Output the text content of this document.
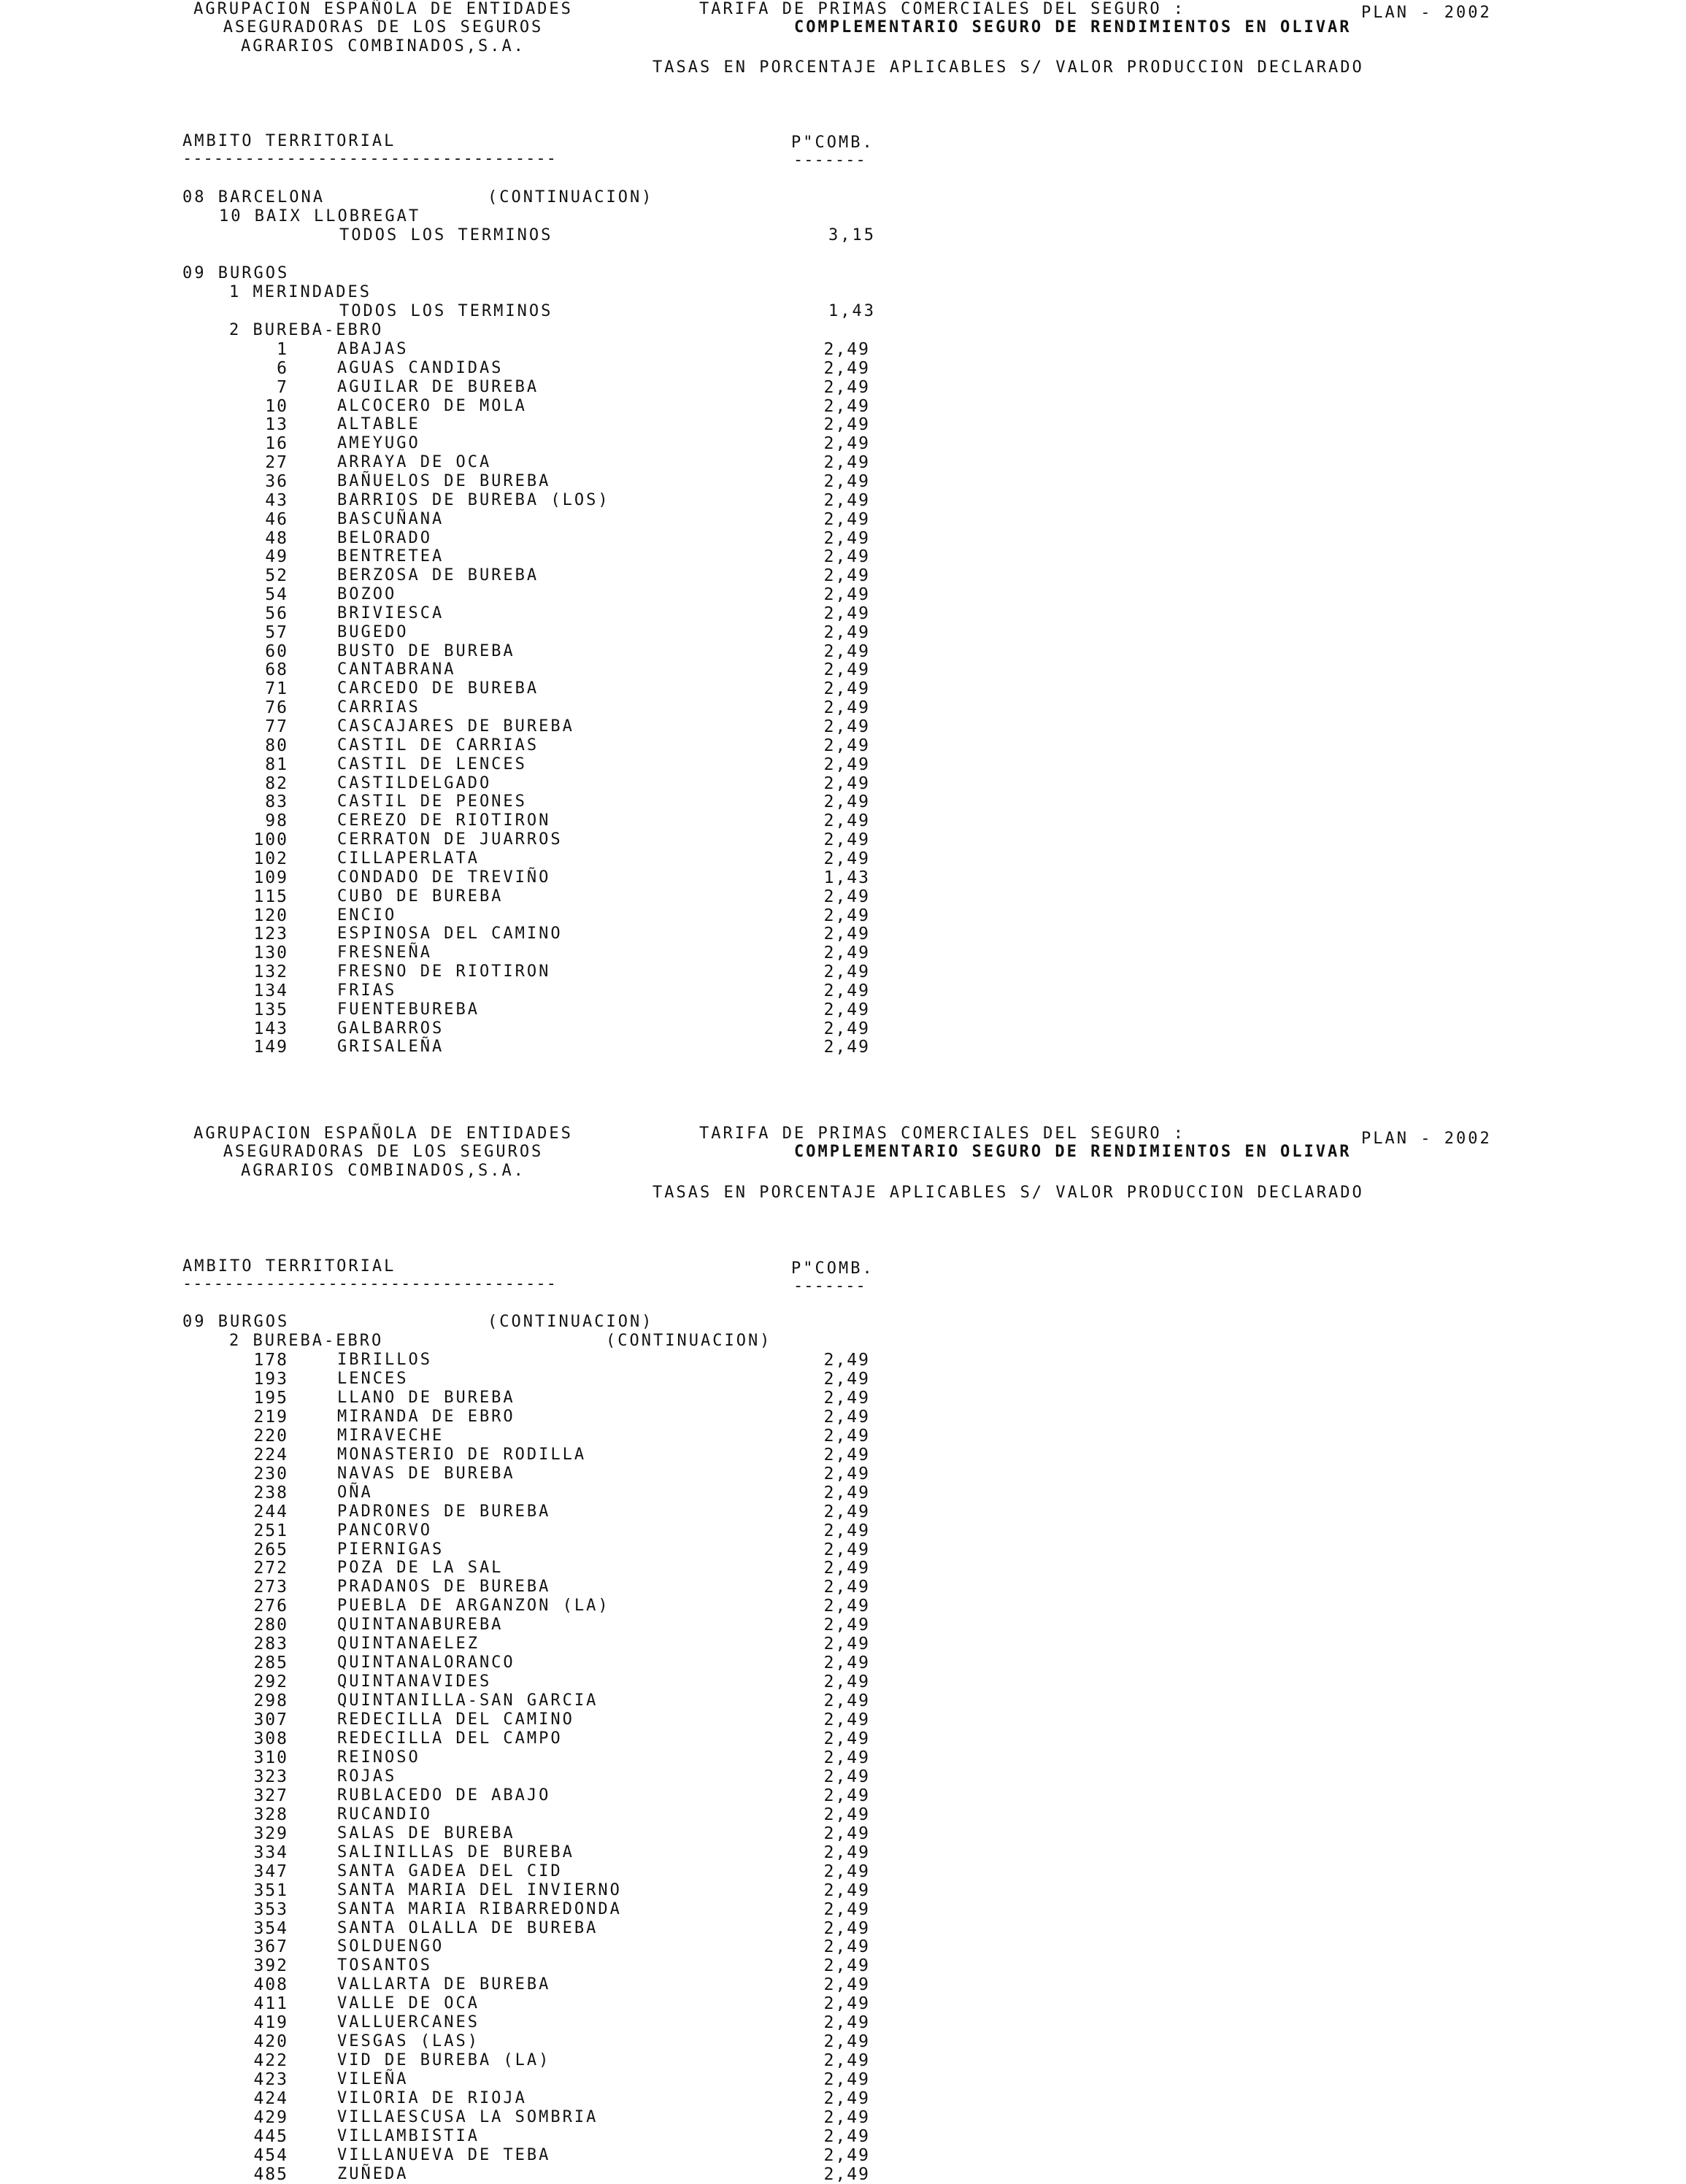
AGRUPACION ESPAÑOLA DE ENTIDADES
ASEGURADORAS DE LOS SEGUROS
AGRARIOS COMBINADOS,S.A.
TARIFA DE PRIMAS COMERCIALES DEL SEGURO :
COMPLEMENTARIO SEGURO DE RENDIMIENTOS EN OLIVAR
PLAN - 2002
TASAS EN PORCENTAJE APLICABLES S/ VALOR PRODUCCION DECLARADO
AMBITO TERRITORIAL
------------------------------------
P"COMB.
-------
08 BARCELONA	(CONTINUACION)
10 BAIX LLOBREGAT
TODOS LOS TERMINOS	3,15
09 BURGOS
1 MERINDADES
TODOS LOS TERMINOS	1,43
2 BUREBA-EBRO
1	ABAJAS	2,49
6	AGUAS CANDIDAS	2,49
7	AGUILAR DE BUREBA	2,49
10	ALCOCERO DE MOLA	2,49
13	ALTABLE	2,49
16	AMEYUGO	2,49
27	ARRAYA DE OCA	2,49
36	BAÑUELOS DE BUREBA	2,49
43	BARRIOS DE BUREBA (LOS)	2,49
46	BASCUÑANA	2,49
48	BELORADO	2,49
49	BENTRETEA	2,49
52	BERZOSA DE BUREBA	2,49
54	BOZOO	2,49
56	BRIVIESCA	2,49
57	BUGEDO	2,49
60	BUSTO DE BUREBA	2,49
68	CANTABRANA	2,49
71	CARCEDO DE BUREBA	2,49
76	CARRIAS	2,49
77	CASCAJARES DE BUREBA	2,49
80	CASTIL DE CARRIAS	2,49
81	CASTIL DE LENCES	2,49
82	CASTILDELGADO	2,49
83	CASTIL DE PEONES	2,49
98	CEREZO DE RIOTIRON	2,49
100	CERRATON DE JUARROS	2,49
102	CILLAPERLATA	2,49
109	CONDADO DE TREVIÑO	1,43
115	CUBO DE BUREBA	2,49
120	ENCIO	2,49
123	ESPINOSA DEL CAMINO	2,49
130	FRESNEÑA	2,49
132	FRESNO DE RIOTIRON	2,49
134	FRIAS	2,49
135	FUENTEBUREBA	2,49
143	GALBARROS	2,49
149	GRISALEÑA	2,49
AGRUPACION ESPAÑOLA DE ENTIDADES
ASEGURADORAS DE LOS SEGUROS
AGRARIOS COMBINADOS,S.A.
TARIFA DE PRIMAS COMERCIALES DEL SEGURO :
COMPLEMENTARIO SEGURO DE RENDIMIENTOS EN OLIVAR
PLAN - 2002
TASAS EN PORCENTAJE APLICABLES S/ VALOR PRODUCCION DECLARADO
AMBITO TERRITORIAL
------------------------------------
P"COMB.
-------
09 BURGOS	(CONTINUACION)
2 BUREBA-EBRO	(CONTINUACION)
178	IBRILLOS	2,49
193	LENCES	2,49
195	LLANO DE BUREBA	2,49
219	MIRANDA DE EBRO	2,49
220	MIRAVECHE	2,49
224	MONASTERIO DE RODILLA	2,49
230	NAVAS DE BUREBA	2,49
238	OÑA	2,49
244	PADRONES DE BUREBA	2,49
251	PANCORVO	2,49
265	PIERNIGAS	2,49
272	POZA DE LA SAL	2,49
273	PRADANOS DE BUREBA	2,49
276	PUEBLA DE ARGANZON (LA)	2,49
280	QUINTANABUREBA	2,49
283	QUINTANAELEZ	2,49
285	QUINTANALORANCO	2,49
292	QUINTANAVIDES	2,49
298	QUINTANILLA-SAN GARCIA	2,49
307	REDECILLA DEL CAMINO	2,49
308	REDECILLA DEL CAMPO	2,49
310	REINOSO	2,49
323	ROJAS	2,49
327	RUBLACEDO DE ABAJO	2,49
328	RUCANDIO	2,49
329	SALAS DE BUREBA	2,49
334	SALINILLAS DE BUREBA	2,49
347	SANTA GADEA DEL CID	2,49
351	SANTA MARIA DEL INVIERNO	2,49
353	SANTA MARIA RIBARREDONDA	2,49
354	SANTA OLALLA DE BUREBA	2,49
367	SOLDUENGO	2,49
392	TOSANTOS	2,49
408	VALLARTA DE BUREBA	2,49
411	VALLE DE OCA	2,49
419	VALLUERCANES	2,49
420	VESGAS (LAS)	2,49
422	VID DE BUREBA (LA)	2,49
423	VILEÑA	2,49
424	VILORIA DE RIOJA	2,49
429	VILLAESCUSA LA SOMBRIA	2,49
445	VILLAMBISTIA	2,49
454	VILLANUEVA DE TEBA	2,49
485	ZUÑEDA	2,49
